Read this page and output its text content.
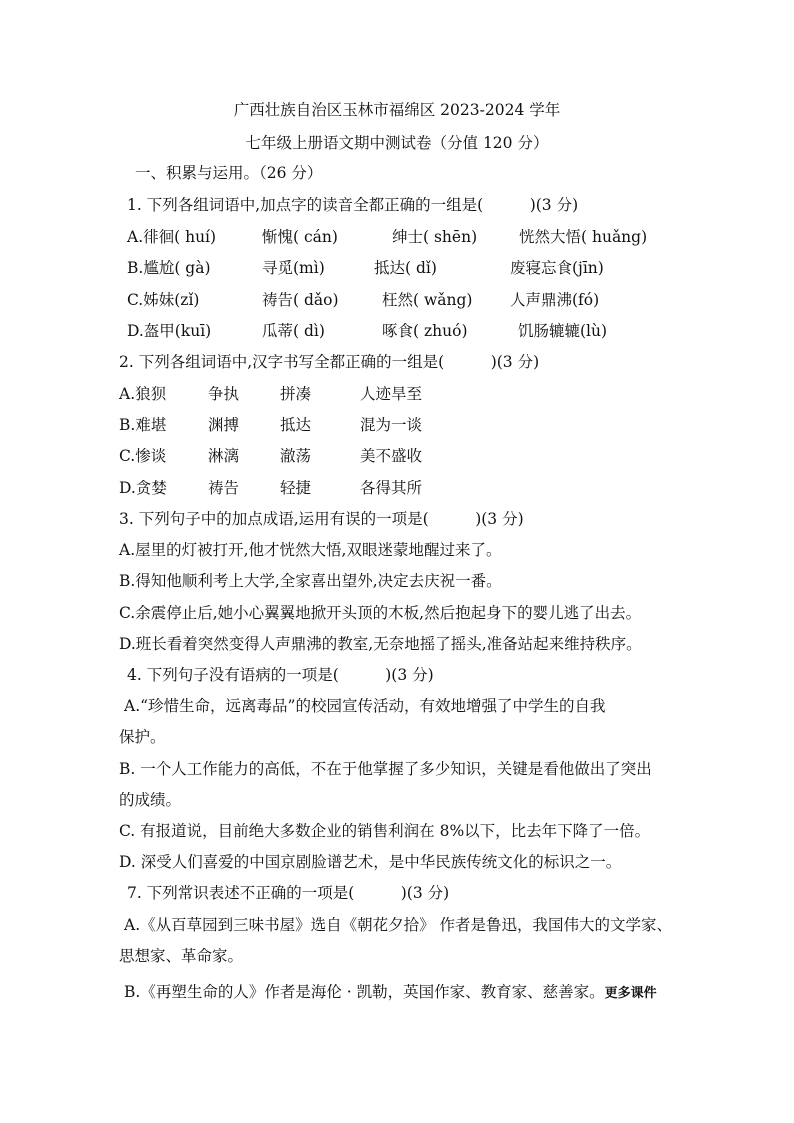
广西壮族自治区玉林市福绵区 2023-2024 学年
七年级上册语文期中测试卷（分值 120 分）
一、积累与运用。（26 分）
1. 下列各组词语中,加点字的读音全都正确的一组是(　　　)(3 分)
A.徘徊( huí)	惭愧( cán)	绅士( shēn)	恍然大悟( huǎng)
B.尴尬( gà)	寻觅(mì)	抵达( dǐ)	废寝忘食(jīn)
C.姊妹(zǐ)	祷告( dǎo)	枉然( wǎng) 人声鼎沸(fó)
D.盔甲(kuī)	瓜蒂( dì)	啄食( zhuó)	饥肠辘辘(lù)
2. 下列各组词语中,汉字书写全都正确的一组是(　　　)(3 分)
A.狼狈	争执	拼凑	人迹旱至
B.难堪	渊搏	抵达	混为一谈
C.惨谈	淋漓	澈荡	美不盛收
D.贪婪	祷告	轻捷	各得其所
3. 下列句子中的加点成语,运用有误的一项是(　　　)(3 分)
A.屋里的灯被打开,他才恍然大悟,双眼迷蒙地醒过来了。
B.得知他顺利考上大学,全家喜出望外,决定去庆祝一番。
C.余震停止后,她小心翼翼地掀开头顶的木板,然后抱起身下的婴儿逃了出去。
D.班长看着突然变得人声鼎沸的教室,无奈地摇了摇头,准备站起来维持秩序。
4. 下列句子没有语病的一项是(　　　)(3 分)
A.“珍惜生命，远离毒品”的校园宣传活动，有效地增强了中学生的自我
保护。
B. 一个人工作能力的高低，不在于他掌握了多少知识，关键是看他做出了突出
的成绩。
C. 有报道说，目前绝大多数企业的销售利润在 8%以下，比去年下降了一倍。
D. 深受人们喜爱的中国京剧脸谱艺术，是中华民族传统文化的标识之一。
7. 下列常识表述不正确的一项是(　　　)(3 分)
A.《从百草园到三味书屋》选自《朝花夕拾》 作者是鲁迅，我国伟大的文学家、
思想家、革命家。
B.《再塑生命的人》作者是海伦 · 凯勒，英国作家、教育家、慈善家。更多课件
